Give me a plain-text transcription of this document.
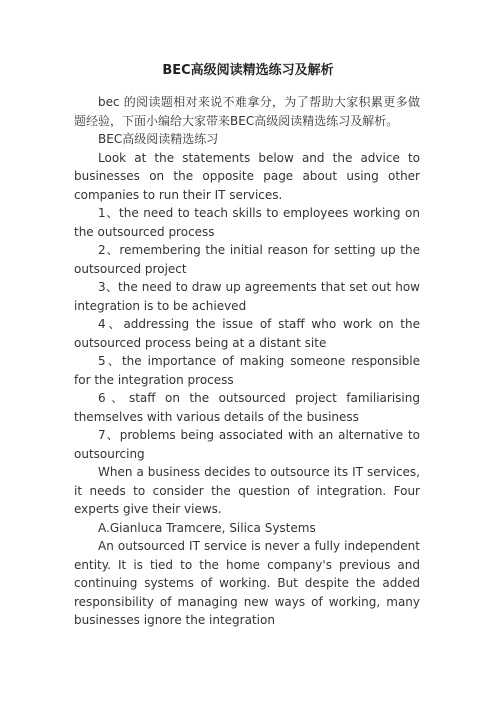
BEC高级阅读精选练习及解析

bec 的阅读题相对来说不难拿分，为了帮助大家积累更多做题经验，下面小编给大家带来BEC高级阅读精选练习及解析。

BEC高级阅读精选练习

Look at the statements below and the advice to businesses on the opposite page about using other companies to run their IT services.

1、the need to teach skills to employees working on the outsourced process

2、remembering the initial reason for setting up the outsourced project

3、the need to draw up agreements that set out how integration is to be achieved

4、addressing the issue of staff who work on the outsourced process being at a distant site

5、the importance of making someone responsible for the integration process

6、staff on the outsourced project familiarising themselves with various details of the business

7、problems being associated with an alternative to outsourcing

When a business decides to outsource its IT services, it needs to consider the question of integration. Four experts give their views.

A.Gianluca Tramcere, Silica Systems

An outsourced IT service is never a fully independent entity. It is tied to the home company's previous and continuing systems of working. But despite the added responsibility of managing new ways of working, many businesses ignore the integration
